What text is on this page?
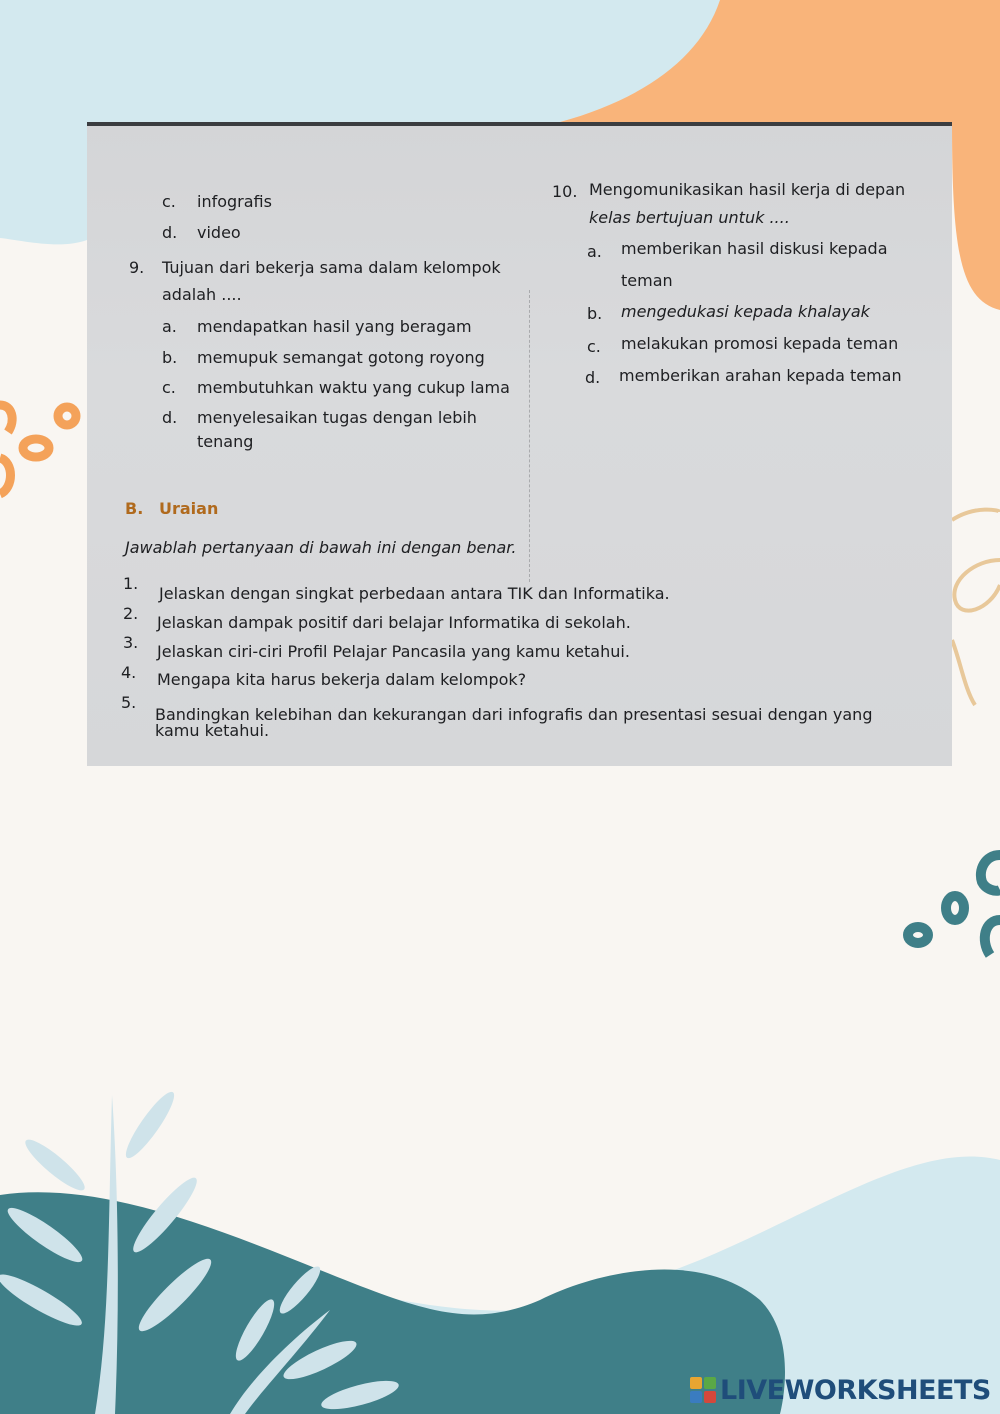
c. infografis
d. video
9. Tujuan dari bekerja sama dalam kelompok
adalah ....
a. mendapatkan hasil yang beragam
b. memupuk semangat gotong royong
c. membutuhkan waktu yang cukup lama
d. menyelesaikan tugas dengan lebih
tenang
10. Mengomunikasikan hasil kerja di depan
kelas bertujuan untuk ....
a. memberikan hasil diskusi kepada
teman
b. mengedukasi kepada khalayak
c. melakukan promosi kepada teman
d. memberikan arahan kepada teman
B. Uraian
Jawablah pertanyaan di bawah ini dengan benar.
1.
Jelaskan dengan singkat perbedaan antara TIK dan Informatika.
2. Jelaskan dampak positif dari belajar Informatika di sekolah.
3. Jelaskan ciri-ciri Profil Pelajar Pancasila yang kamu ketahui.
4. Mengapa kita harus bekerja dalam kelompok?
5.
Bandingkan kelebihan dan kekurangan dari infografis dan presentasi sesuai dengan yang
kamu ketahui.
LIVEWORKSHEETS
